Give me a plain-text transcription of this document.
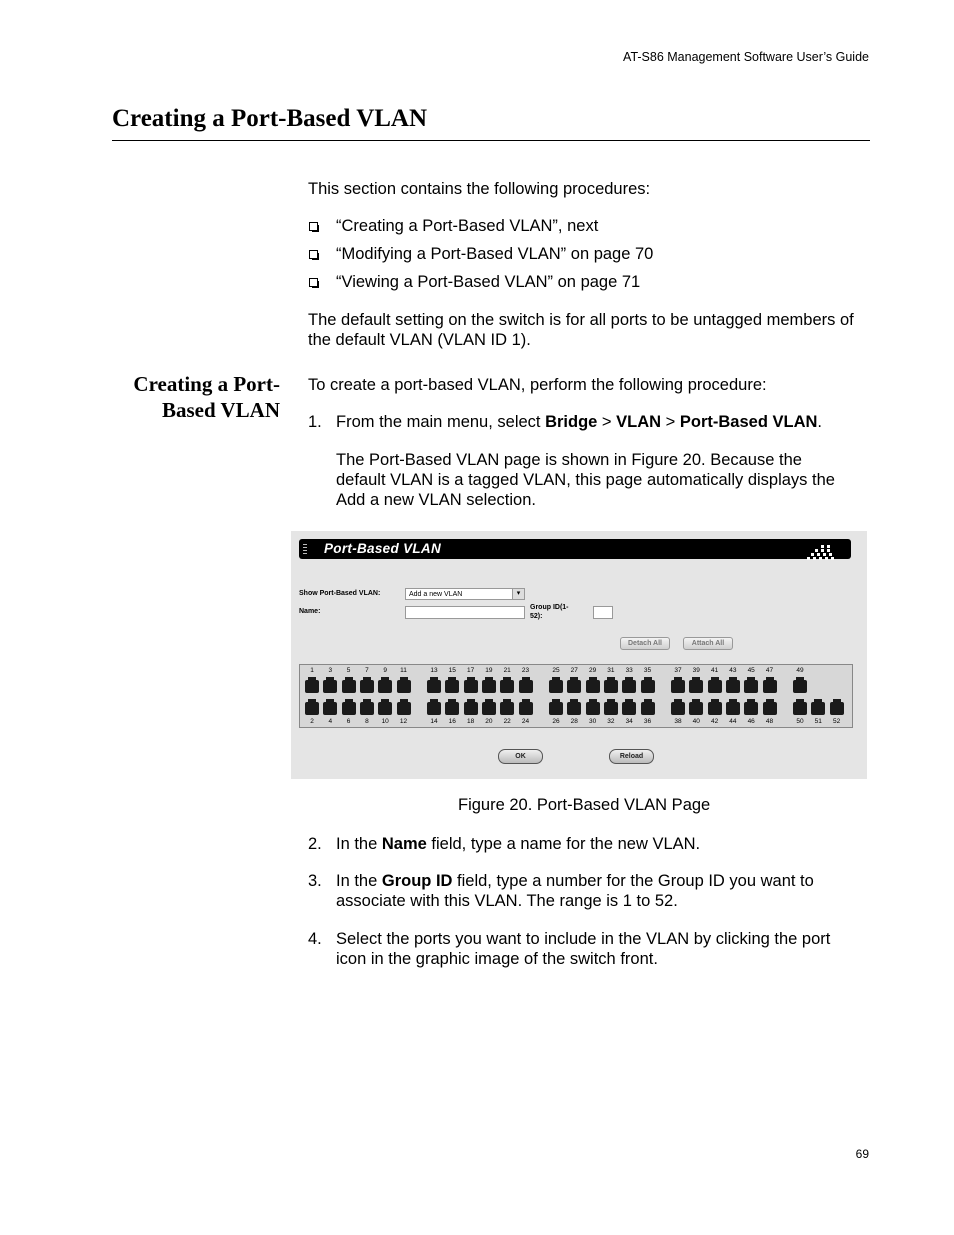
AT-S86 Management Software User’s Guide
Creating a Port-Based VLAN
This section contains the following procedures:
“Creating a Port-Based VLAN”, next
“Modifying a Port-Based VLAN” on page 70
“Viewing a Port-Based VLAN” on page 71
The default setting on the switch is for all ports to be untagged members of
the default VLAN (VLAN ID 1).
Creating a Port-
Based VLAN
To create a port-based VLAN, perform the following procedure:
1. From the main menu, select Bridge > VLAN > Port-Based VLAN.
The Port-Based VLAN page is shown in Figure 20. Because the
default VLAN is a tagged VLAN, this page automatically displays the
Add a new VLAN selection.
Port-Based VLAN
Show Port-Based VLAN:	Add a new VLAN	▾
Name:
Group ID(1-
52):
Detach All	Attach All
1	3	5	7	9	11	13	15	17	19	21	23	25	27	29	31	33	35	37	39	41	43	45	47	49
2	4	6	8	10	12	14	16	18	20	22	24	26	28	30	32	34	36	38	40	42	44	46	48	50	51	52
OK	Reload
Figure 20. Port-Based VLAN Page
2. In the Name field, type a name for the new VLAN.
3. In the Group ID field, type a number for the Group ID you want to
associate with this VLAN. The range is 1 to 52.
4. Select the ports you want to include in the VLAN by clicking the port
icon in the graphic image of the switch front.
69
